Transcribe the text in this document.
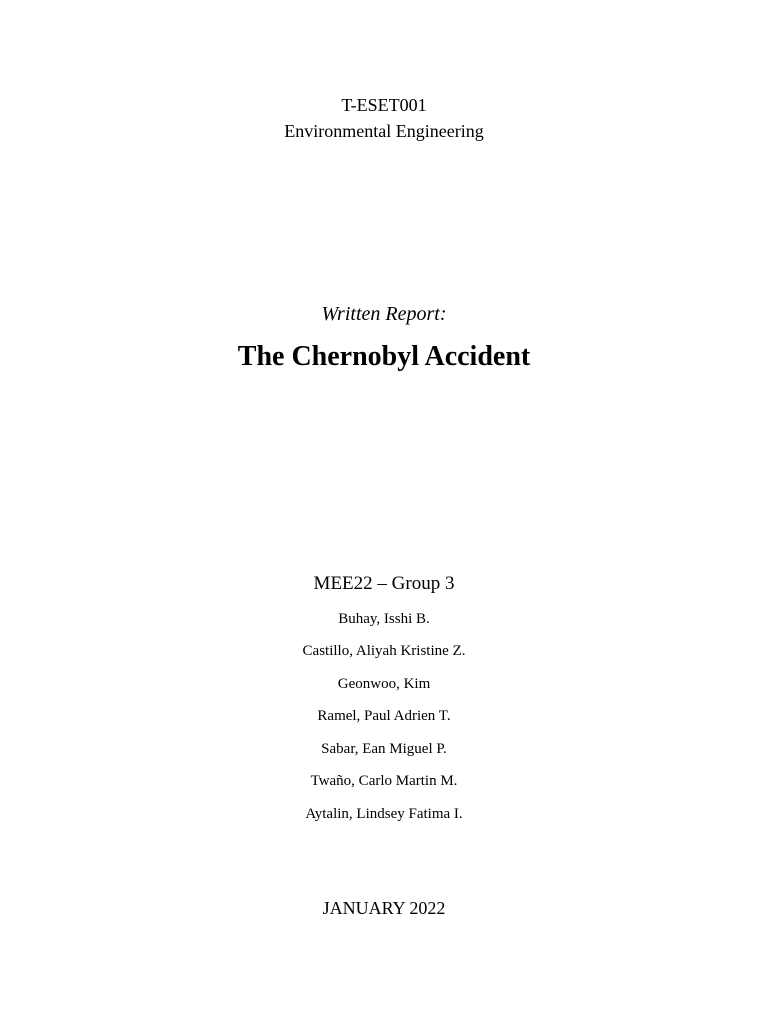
T-ESET001
Environmental Engineering
Written Report:
The Chernobyl Accident
MEE22 – Group 3
Buhay, Isshi B.
Castillo, Aliyah Kristine Z.
Geonwoo, Kim
Ramel, Paul Adrien T.
Sabar, Ean Miguel P.
Twaño, Carlo Martin M.
Aytalin, Lindsey Fatima I.
JANUARY 2022
